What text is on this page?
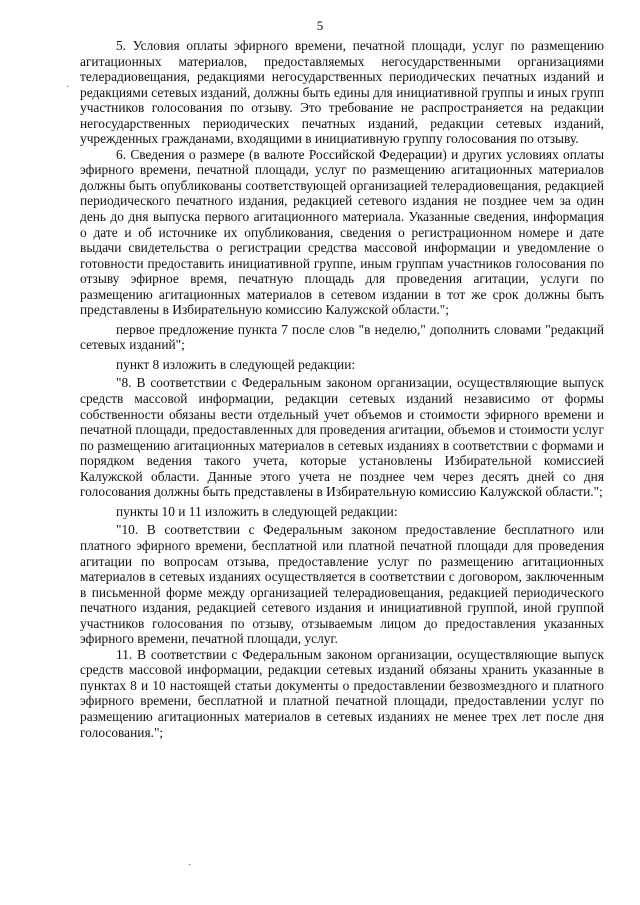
5
·
·

5. Условия оплаты эфирного времени, печатной площади, услуг по размещению агитационных материалов, предоставляемых негосударственными организациями телерадиовещания, редакциями негосударственных периодических печатных изданий и редакциями сетевых изданий, должны быть едины для инициативной группы и иных групп участников голосования по отзыву. Это требование не распространяется на редакции негосударственных периодических печатных изданий, редакции сетевых изданий, учрежденных гражданами, входящими в инициативную группу голосования по отзыву.

6. Сведения о размере (в валюте Российской Федерации) и других условиях оплаты эфирного времени, печатной площади, услуг по размещению агитационных материалов должны быть опубликованы соответствующей организацией телерадиовещания, редакцией периодического печатного издания, редакцией сетевого издания не позднее чем за один день до дня выпуска первого агитационного материала. Указанные сведения, информация о дате и об источнике их опубликования, сведения о регистрационном номере и дате выдачи свидетельства о регистрации средства массовой информации и уведомление о готовности предоставить инициативной группе, иным группам участников голосования по отзыву эфирное время, печатную площадь для проведения агитации, услуги по размещению агитационных материалов в сетевом издании в тот же срок должны быть представлены в Избирательную комиссию Калужской области.";

первое предложение пункта 7 после слов "в неделю," дополнить словами "редакций сетевых изданий";

пункт 8 изложить в следующей редакции:

"8. В соответствии с Федеральным законом организации, осуществляющие выпуск средств массовой информации, редакции сетевых изданий независимо от формы собственности обязаны вести отдельный учет объемов и стоимости эфирного времени и печатной площади, предоставленных для проведения агитации, объемов и стоимости услуг по размещению агитационных материалов в сетевых изданиях в соответствии с формами и порядком ведения такого учета, которые установлены Избирательной комиссией Калужской области. Данные этого учета не позднее чем через десять дней со дня голосования должны быть представлены в Избирательную комиссию Калужской области.";

пункты 10 и 11 изложить в следующей редакции:

"10. В соответствии с Федеральным законом предоставление бесплатного или платного эфирного времени, бесплатной или платной печатной площади для проведения агитации по вопросам отзыва, предоставление услуг по размещению агитационных материалов в сетевых изданиях осуществляется в соответствии с договором, заключенным в письменной форме между организацией телерадиовещания, редакцией периодического печатного издания, редакцией сетевого издания и инициативной группой, иной группой участников голосования по отзыву, отзываемым лицом до предоставления указанных эфирного времени, печатной площади, услуг.

11. В соответствии с Федеральным законом организации, осуществляющие выпуск средств массовой информации, редакции сетевых изданий обязаны хранить указанные в пунктах 8 и 10 настоящей статьи документы о предоставлении безвозмездного и платного эфирного времени, бесплатной и платной печатной площади, предоставлении услуг по размещению агитационных материалов в сетевых изданиях не менее трех лет после дня голосования.";
